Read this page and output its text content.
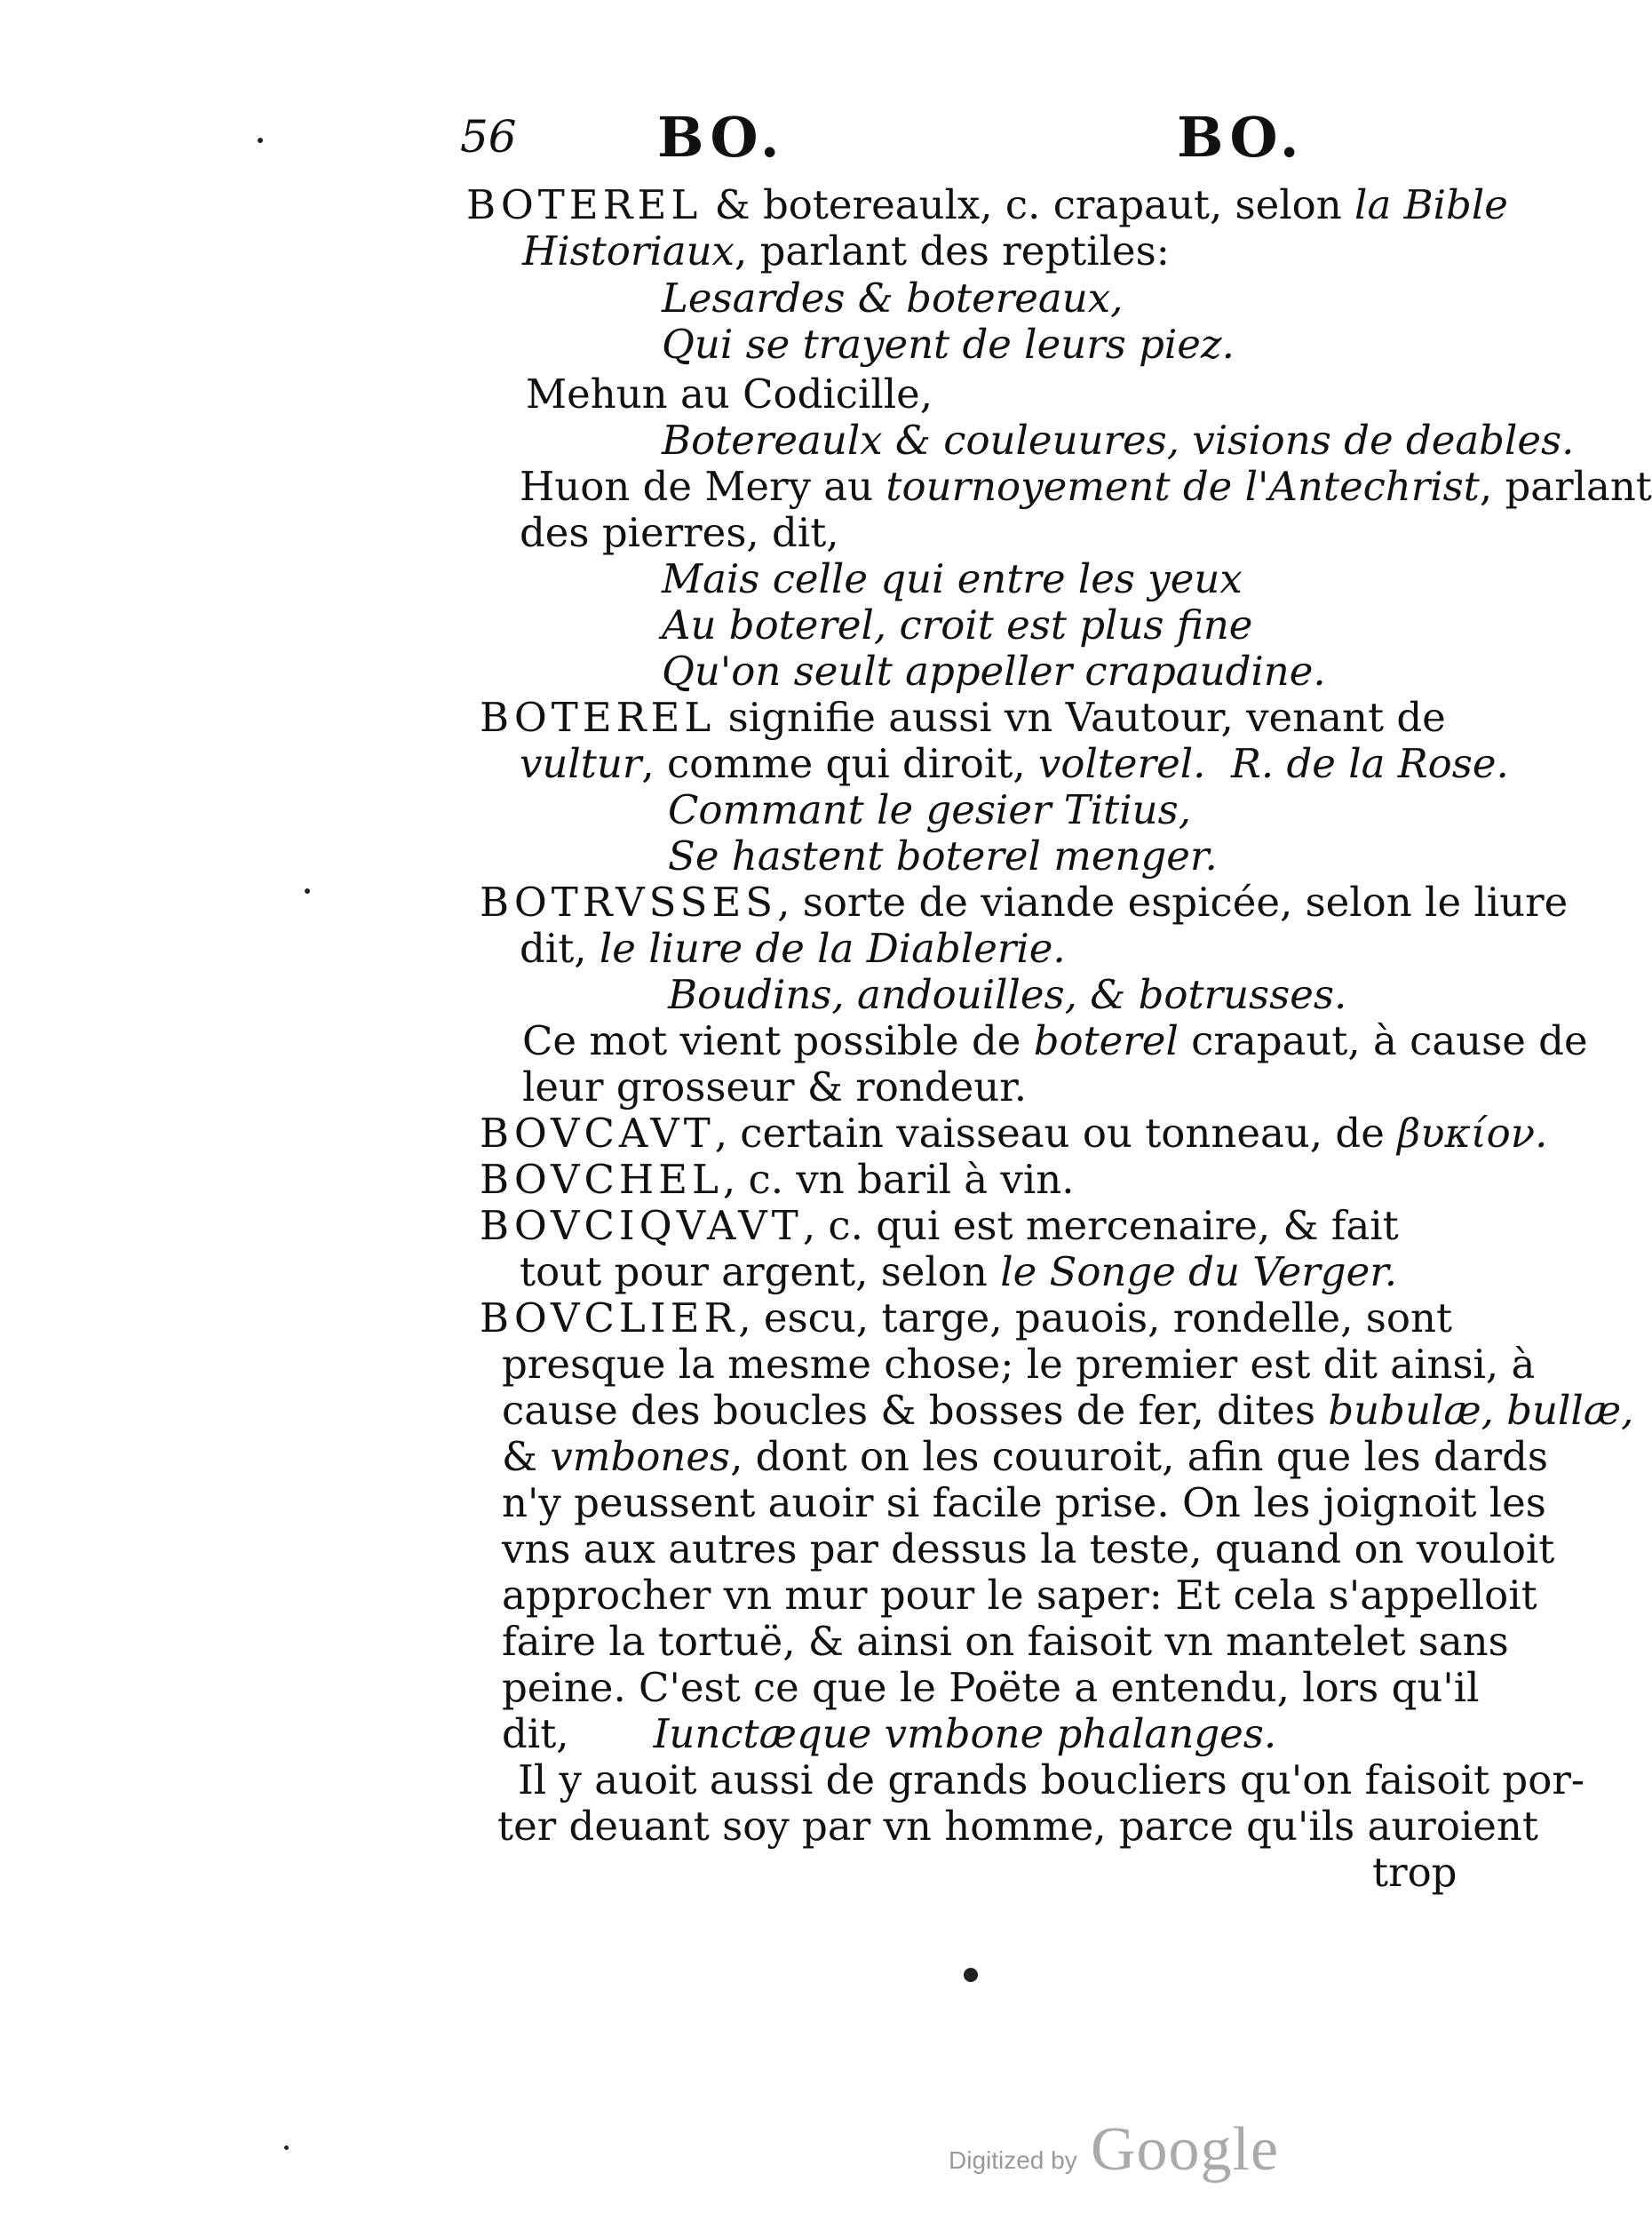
56	BO.	BO.
BOTEREL & botereaulx, c. crapaut, selon la Bible
Historiaux, parlant des reptiles:
Lesardes & botereaux,
Qui se trayent de leurs piez.
Mehun au Codicille,
Botereaulx & couleuures, visions de deables.
Huon de Mery au tournoyement de l'Antechrist, parlant
des pierres, dit,
Mais celle qui entre les yeux
Au boterel, croit est plus fine
Qu'on seult appeller crapaudine.
BOTEREL signifie aussi vn Vautour, venant de
vultur, comme qui diroit, volterel. R. de la Rose.
Commant le gesier Titius,
Se hastent boterel menger.
BOTRVSSES, sorte de viande espicée, selon le liure
dit, le liure de la Diablerie.
Boudins, andouilles, & botrusses.
Ce mot vient possible de boterel crapaut, à cause de
leur grosseur & rondeur.
BOVCAVT, certain vaisseau ou tonneau, de βυκίον.
BOVCHEL, c. vn baril à vin.
BOVCIQVAVT, c. qui est mercenaire, & fait
tout pour argent, selon le Songe du Verger.
BOVCLIER, escu, targe, pauois, rondelle, sont
presque la mesme chose; le premier est dit ainsi, à
cause des boucles & bosses de fer, dites bubulæ, bullæ,
& vmbones, dont on les couuroit, afin que les dards
n'y peussent auoir si facile prise. On les joignoit les
vns aux autres par dessus la teste, quand on vouloit
approcher vn mur pour le saper: Et cela s'appelloit
faire la tortuë, & ainsi on faisoit vn mantelet sans
peine. C'est ce que le Poëte a entendu, lors qu'il
dit, Iunctæque vmbone phalanges.
Il y auoit aussi de grands boucliers qu'on faisoit por-
ter deuant soy par vn homme, parce qu'ils auroient
trop
Digitized by Google
